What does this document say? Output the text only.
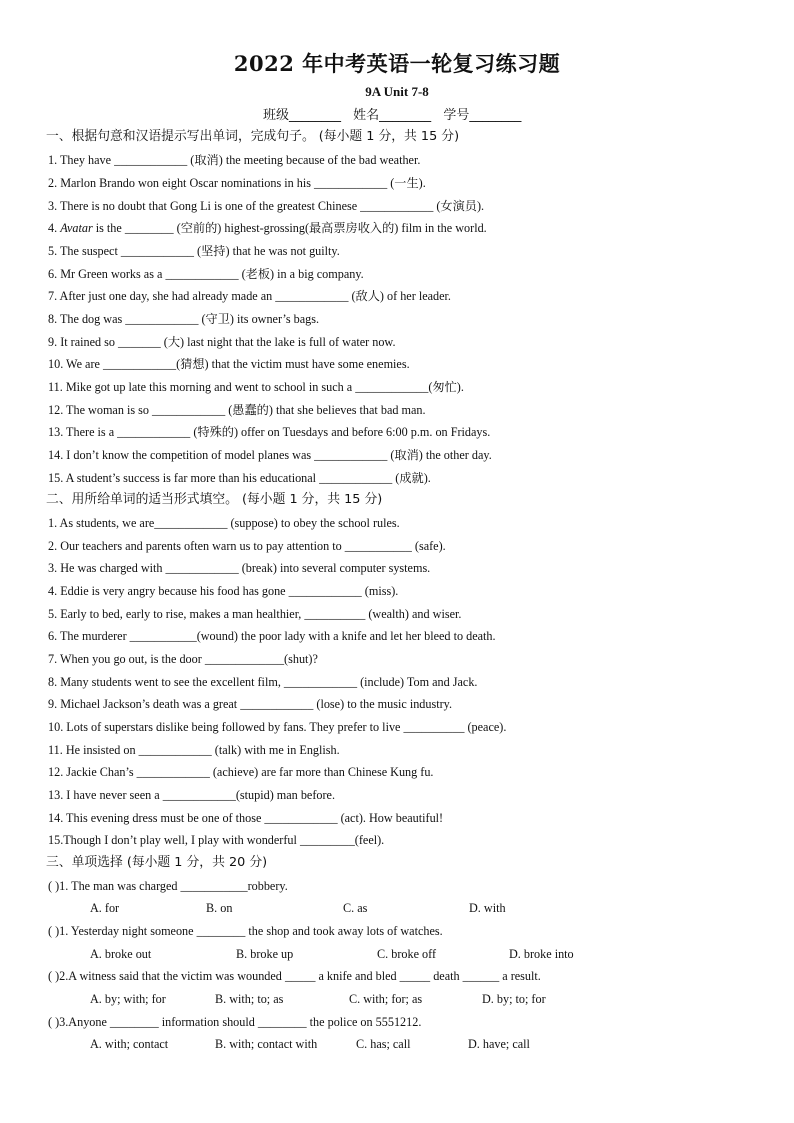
2022 年中考英语一轮复习练习题
9A Unit 7-8
班级________ 姓名________ 学号________
一、根据句意和汉语提示写出单词，完成句子。 (每小题 1 分，共 15 分)
1. They have ____________ (取消) the meeting because of the bad weather.
2. Marlon Brando won eight Oscar nominations in his ____________ (一生).
3. There is no doubt that Gong Li is one of the greatest Chinese ____________ (女演员).
4. Avatar is the ________ (空前的) highest-grossing(最高票房收入的) film in the world.
5. The suspect ____________ (坚持) that he was not guilty.
6. Mr Green works as a ____________ (老板) in a big company.
7. After just one day, she had already made an ____________ (敌人) of her leader.
8. The dog was ____________ (守卫) its owner’s bags.
9. It rained so _______ (大) last night that the lake is full of water now.
10. We are ____________(猜想) that the victim must have some enemies.
11. Mike got up late this morning and went to school in such a ____________(匆忙).
12. The woman is so ____________ (愚蠢的) that she believes that bad man.
13. There is a ____________ (特殊的) offer on Tuesdays and before 6:00 p.m. on Fridays.
14. I don’t know the competition of model planes was ____________ (取消) the other day.
15. A student’s success is far more than his educational ____________ (成就).
二、用所给单词的适当形式填空。 (每小题 1 分，共 15 分)
1. As students, we are____________ (suppose) to obey the school rules.
2. Our teachers and parents often warn us to pay attention to ___________ (safe).
3. He was charged with ____________ (break) into several computer systems.
4. Eddie is very angry because his food has gone ____________ (miss).
5. Early to bed, early to rise, makes a man healthier, __________ (wealth) and wiser.
6. The murderer ___________(wound) the poor lady with a knife and let her bleed to death.
7. When you go out, is the door _____________(shut)?
8. Many students went to see the excellent film, ____________ (include) Tom and Jack.
9. Michael Jackson’s death was a great ____________ (lose) to the music industry.
10. Lots of superstars dislike being followed by fans. They prefer to live __________ (peace).
11. He insisted on ____________ (talk) with me in English.
12. Jackie Chan’s ____________ (achieve) are far more than Chinese Kung fu.
13. I have never seen a ____________(stupid) man before.
14. This evening dress must be one of those ____________ (act). How beautiful!
15.Though I don’t play well, I play with wonderful _________(feel).
三、单项选择 (每小题 1 分，共 20 分)
( )1. The man was charged ___________robbery.
A. for	B. on	C. as	D. with
( )1. Yesterday night someone ________ the shop and took away lots of watches.
A. broke out	B. broke up	C. broke off	D. broke into
( )2.A witness said that the victim was wounded _____ a knife and bled _____ death ______ a result.
A. by; with; for	B. with; to; as	C. with; for; as	D. by; to; for
( )3.Anyone ________ information should ________ the police on 5551212.
A. with; contact	B. with; contact with	C. has; call	D. have; call
